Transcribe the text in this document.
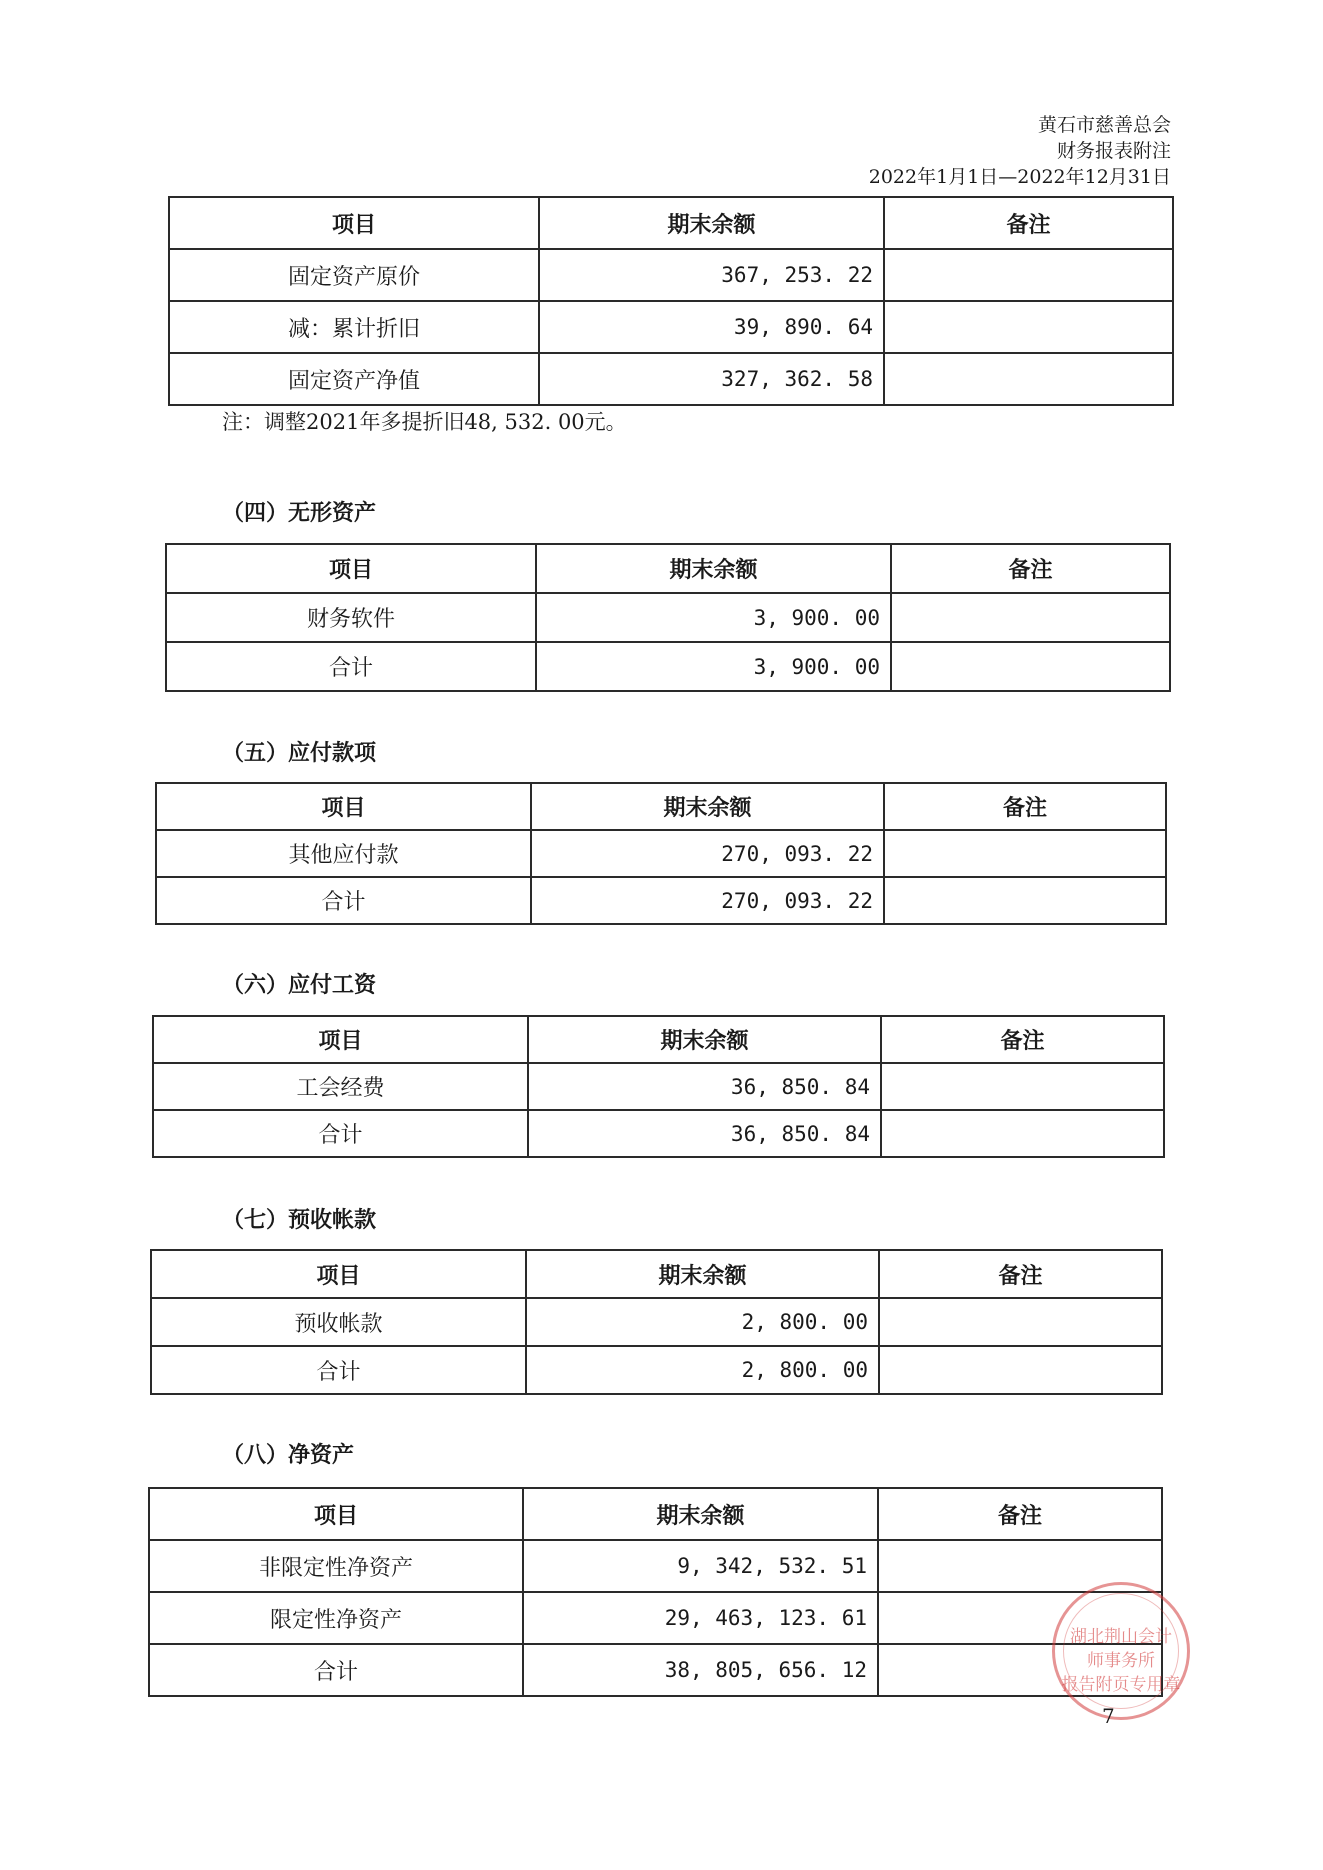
黄石市慈善总会
财务报表附注
2022年1月1日—2022年12月31日
项目	期末余额	备注
固定资产原价	367, 253. 22	
减：累计折旧	39, 890. 64	
固定资产净值	327, 362. 58	
注：调整2021年多提折旧48, 532. 00元。
（四）无形资产
项目	期末余额	备注
财务软件	3, 900. 00	
合计	3, 900. 00	
（五）应付款项
项目	期末余额	备注
其他应付款	270, 093. 22	
合计	270, 093. 22	
（六）应付工资
项目	期末余额	备注
工会经费	36, 850. 84	
合计	36, 850. 84	
（七）预收帐款
项目	期末余额	备注
预收帐款	2, 800. 00	
合计	2, 800. 00	
（八）净资产
项目	期末余额	备注
非限定性净资产	9, 342, 532. 51	
限定性净资产	29, 463, 123. 61	
合计	38, 805, 656. 12	
湖北荆山会计
师事务所
报告附页专用章
7
